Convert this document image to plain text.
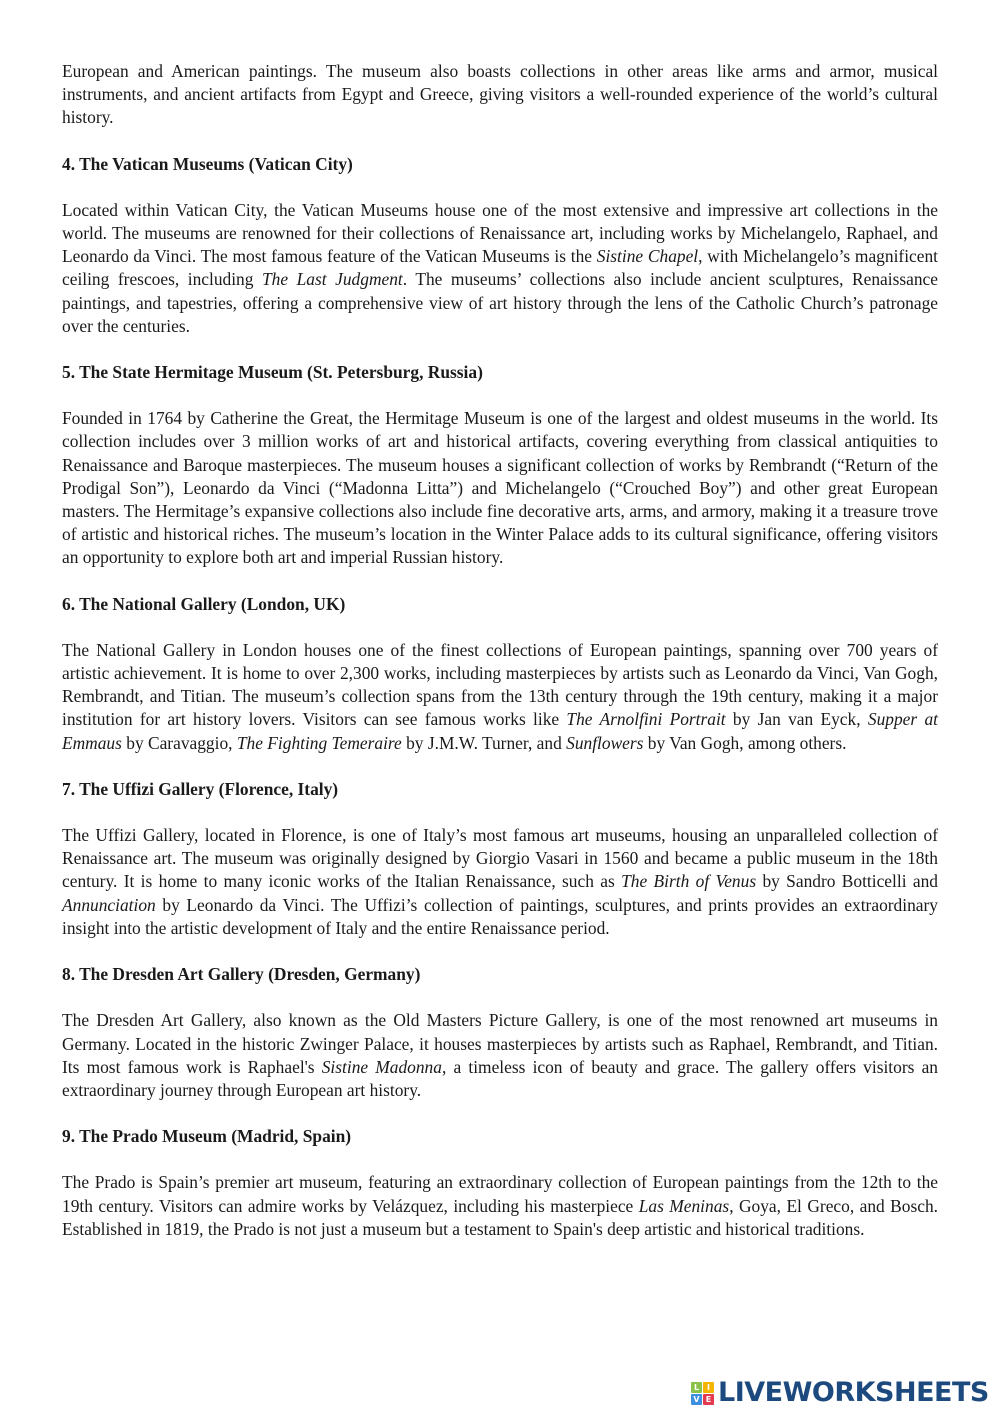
European and American paintings. The museum also boasts collections in other areas like arms and armor, musical instruments, and ancient artifacts from Egypt and Greece, giving visitors a well-rounded experience of the world’s cultural history.

4. The Vatican Museums (Vatican City)

Located within Vatican City, the Vatican Museums house one of the most extensive and impressive art collections in the world. The museums are renowned for their collections of Renaissance art, including works by Michelangelo, Raphael, and Leonardo da Vinci. The most famous feature of the Vatican Museums is the Sistine Chapel, with Michelangelo’s magnificent ceiling frescoes, including The Last Judgment. The museums’ collections also include ancient sculptures, Renaissance paintings, and tapestries, offering a comprehensive view of art history through the lens of the Catholic Church’s patronage over the centuries.

5. The State Hermitage Museum (St. Petersburg, Russia)

Founded in 1764 by Catherine the Great, the Hermitage Museum is one of the largest and oldest museums in the world. Its collection includes over 3 million works of art and historical artifacts, covering everything from classical antiquities to Renaissance and Baroque masterpieces. The museum houses a significant collection of works by Rembrandt (“Return of the Prodigal Son”), Leonardo da Vinci (“Madonna Litta”) and Michelangelo (“Crouched Boy”) and other great European masters. The Hermitage’s expansive collections also include fine decorative arts, arms, and armory, making it a treasure trove of artistic and historical riches. The museum’s location in the Winter Palace adds to its cultural significance, offering visitors an opportunity to explore both art and imperial Russian history.

6. The National Gallery (London, UK)

The National Gallery in London houses one of the finest collections of European paintings, spanning over 700 years of artistic achievement. It is home to over 2,300 works, including masterpieces by artists such as Leonardo da Vinci, Van Gogh, Rembrandt, and Titian. The museum’s collection spans from the 13th century through the 19th century, making it a major institution for art history lovers. Visitors can see famous works like The Arnolfini Portrait by Jan van Eyck, Supper at Emmaus by Caravaggio, The Fighting Temeraire by J.M.W. Turner, and Sunflowers by Van Gogh, among others.

7. The Uffizi Gallery (Florence, Italy)

The Uffizi Gallery, located in Florence, is one of Italy’s most famous art museums, housing an unparalleled collection of Renaissance art. The museum was originally designed by Giorgio Vasari in 1560 and became a public museum in the 18th century. It is home to many iconic works of the Italian Renaissance, such as The Birth of Venus by Sandro Botticelli and Annunciation by Leonardo da Vinci. The Uffizi’s collection of paintings, sculptures, and prints provides an extraordinary insight into the artistic development of Italy and the entire Renaissance period.

8. The Dresden Art Gallery (Dresden, Germany)

The Dresden Art Gallery, also known as the Old Masters Picture Gallery, is one of the most renowned art museums in Germany. Located in the historic Zwinger Palace, it houses masterpieces by artists such as Raphael, Rembrandt, and Titian. Its most famous work is Raphael's Sistine Madonna, a timeless icon of beauty and grace. The gallery offers visitors an extraordinary journey through European art history.

9. The Prado Museum (Madrid, Spain)

The Prado is Spain’s premier art museum, featuring an extraordinary collection of European paintings from the 12th to the 19th century. Visitors can admire works by Velázquez, including his masterpiece Las Meninas, Goya, El Greco, and Bosch. Established in 1819, the Prado is not just a museum but a testament to Spain's deep artistic and historical traditions.

L I
V E LIVEWORKSHEETS
